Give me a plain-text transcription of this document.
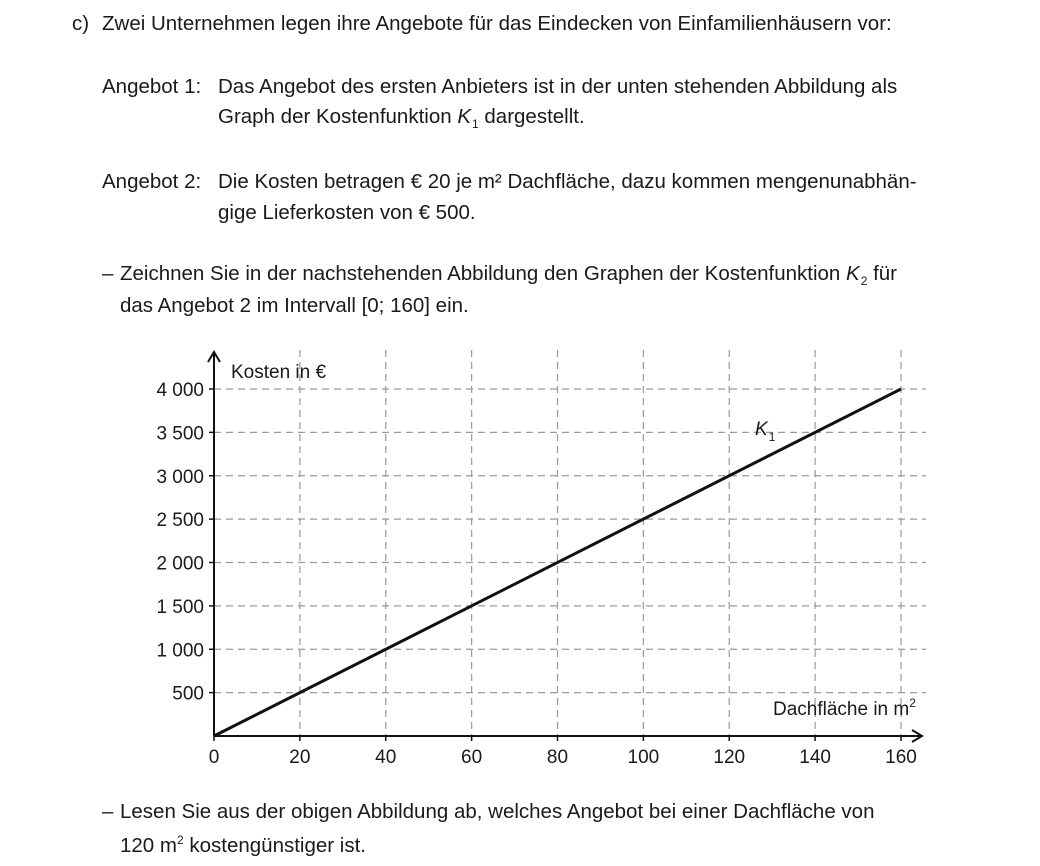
c) Zwei Unternehmen legen ihre Angebote für das Eindecken von Einfamilienhäusern vor:
Angebot 1: Das Angebot des ersten Anbieters ist in der unten stehenden Abbildung als
Graph der Kostenfunktion $K_1$ dargestellt.
Angebot 2: Die Kosten betragen € 20 je m² Dachfläche, dazu kommen mengenunabhän-
gige Lieferkosten von € 500.
– Zeichnen Sie in der nachstehenden Abbildung den Graphen der Kostenfunktion $K_2$ für
das Angebot 2 im Intervall [0; 160] ein.
– Lesen Sie aus der obigen Abbildung ab, welches Angebot bei einer Dachfläche von
120 $m^2$ kostengünstiger ist.
0	20	40	60	80	100	120	140	160
500
1 000
1 500
2 000
2 500
3 000
3 500
4 000
$K_1$
Kosten in €
Dachfläche in $m^2$
